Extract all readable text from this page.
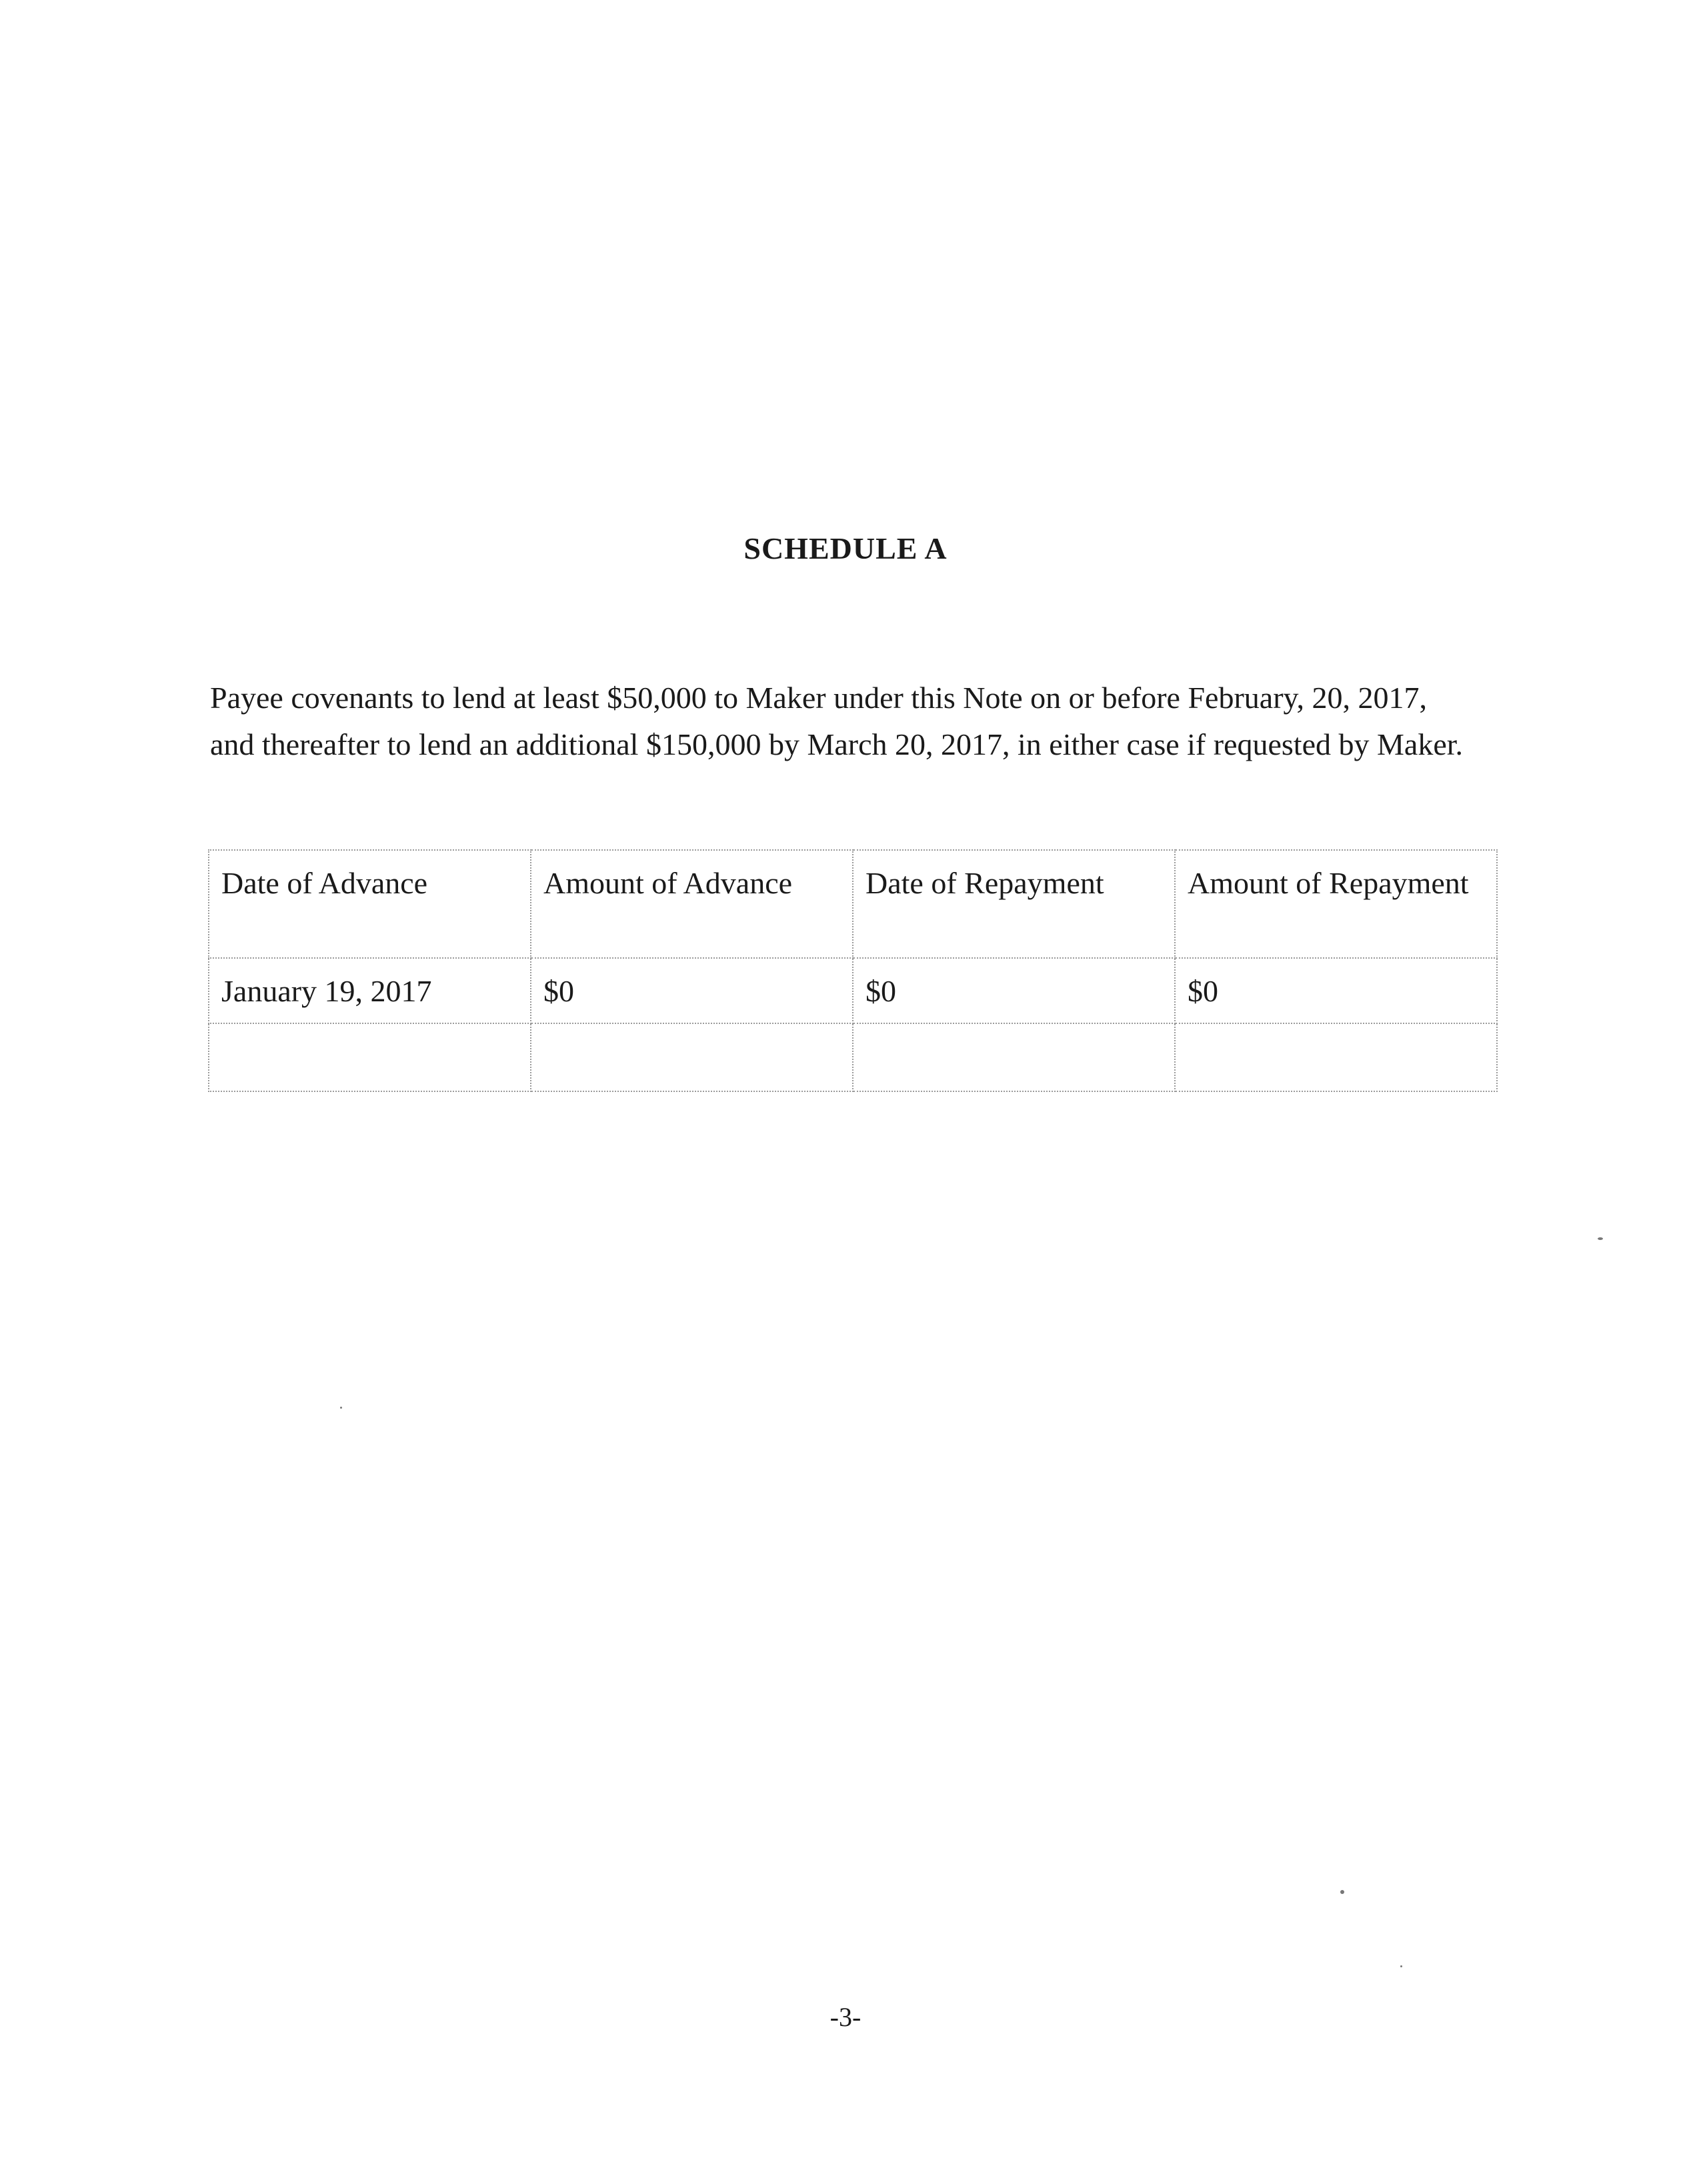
SCHEDULE A

Payee covenants to lend at least $50,000 to Maker under this Note on or before February, 20, 2017, and thereafter to lend an additional $150,000 by March 20, 2017, in either case if requested by Maker.

Date of Advance	Amount of Advance	Date of Repayment	Amount of Repayment
January 19, 2017	$0	$0	$0

-3-
